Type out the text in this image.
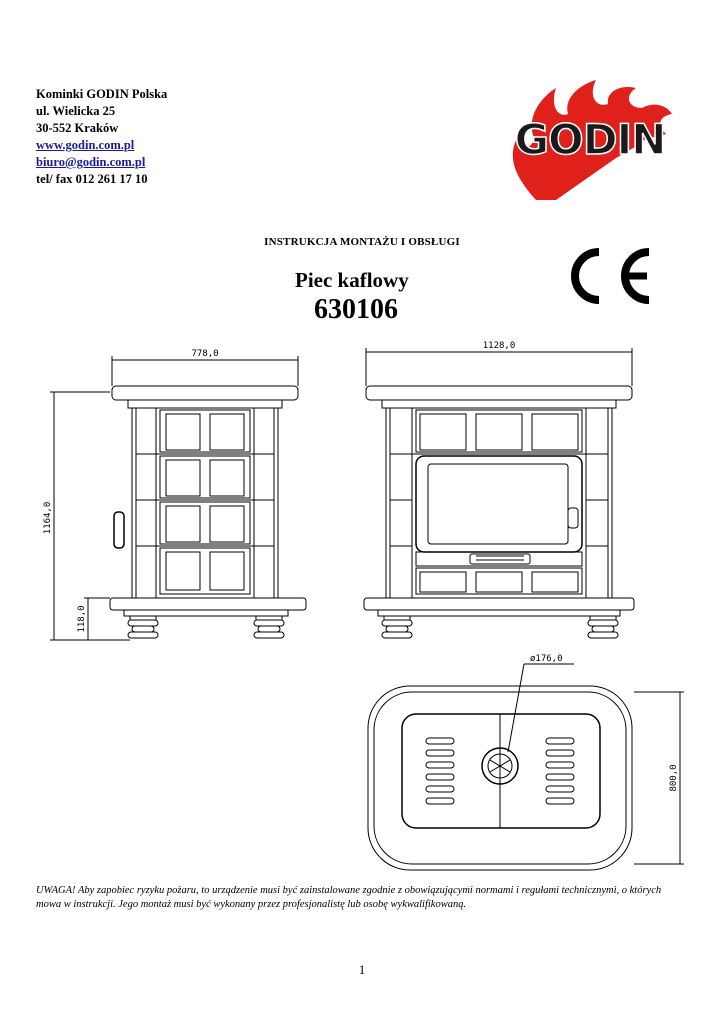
Kominki GODIN Polska
ul. Wielicka 25
30-552 Kraków
www.godin.com.pl
biuro@godin.com.pl
tel/ fax 012 261 17 10
GODIN
INSTRUKCJA MONTAŻU I OBSŁUGI
Piec kaflowy
630106
778,0
1128,0
1164,0
118,0
ø176,0
800,0
UWAGA! Aby zapobiec ryzyku pożaru, to urządzenie musi być zainstalowane zgodnie z obowiązującymi normami i regułami technicznymi, o których mowa w instrukcji. Jego montaż musi być wykonany przez profesjonalistę lub osobę wykwalifikowaną.
1
